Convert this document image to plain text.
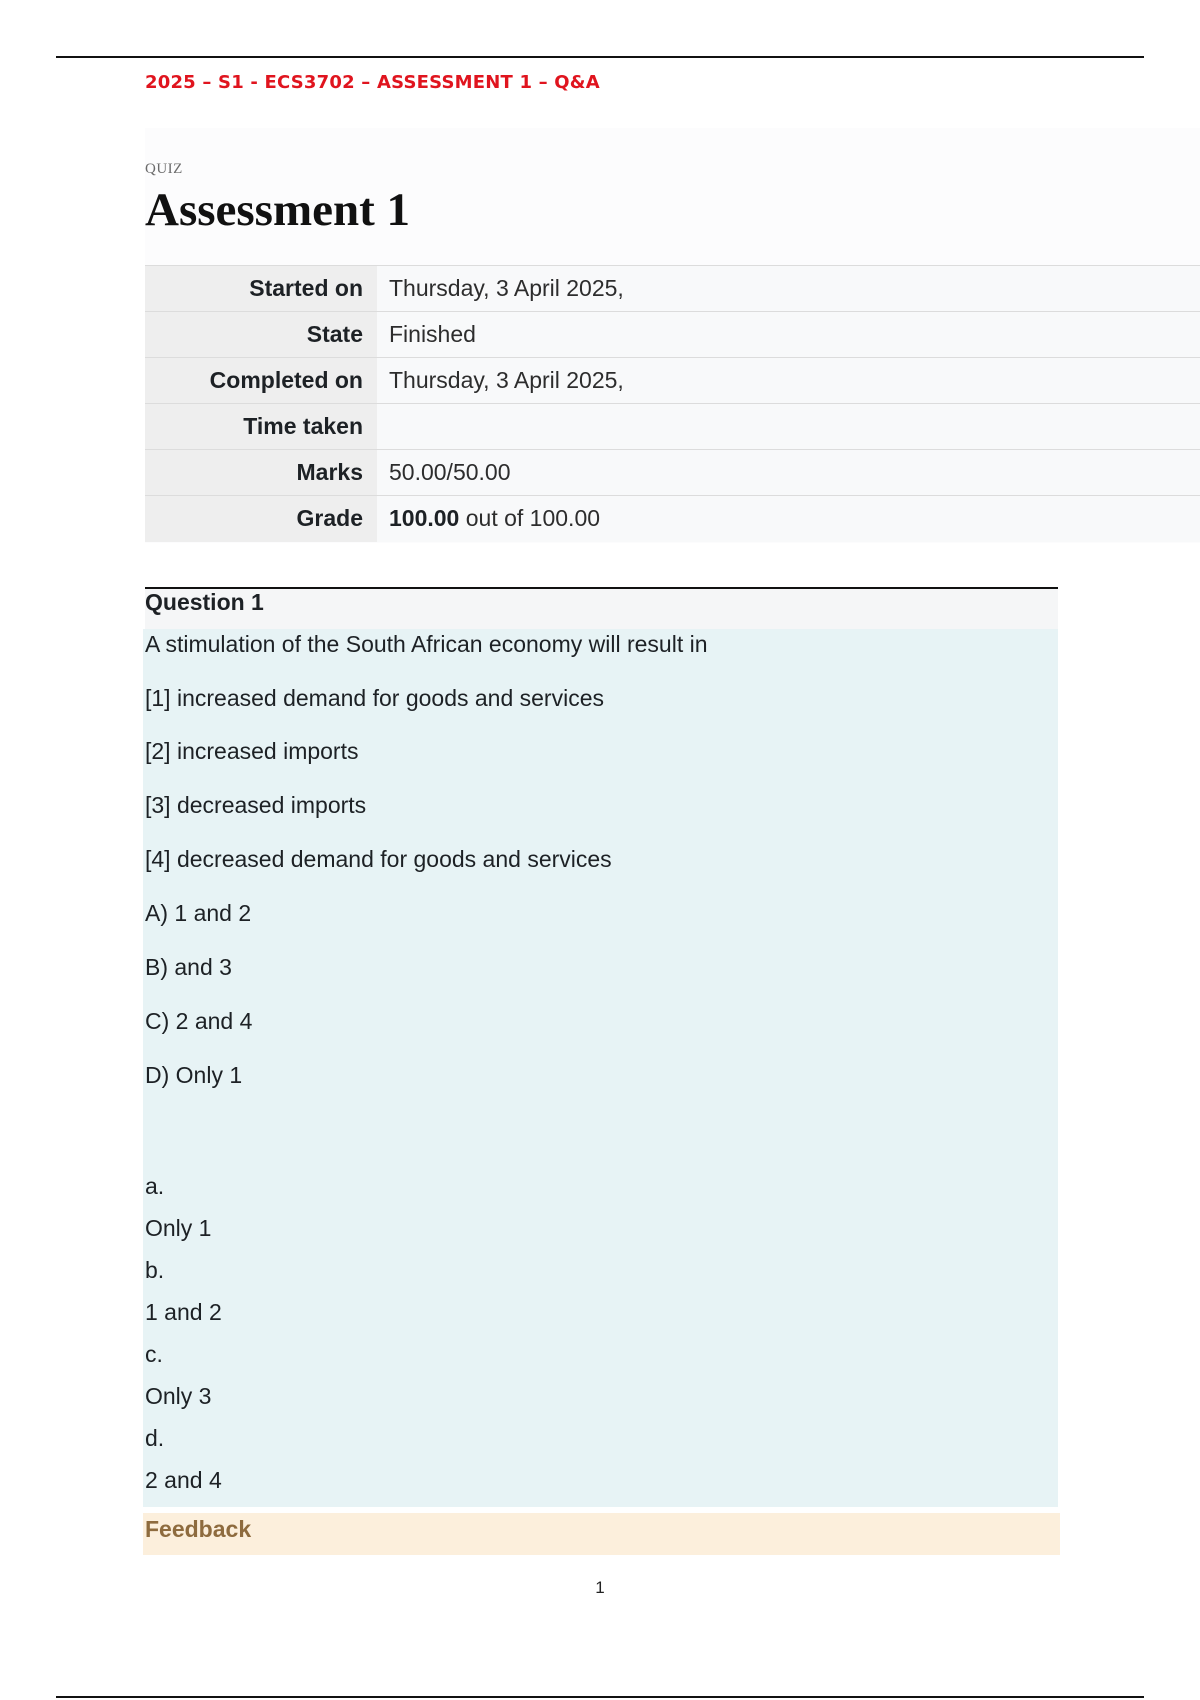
2025 – S1 - ECS3702 – ASSESSMENT 1 – Q&A
QUIZ
Assessment 1
Started on	Thursday, 3 April 2025,
State	Finished
Completed on	Thursday, 3 April 2025,
Time taken	
Marks	50.00/50.00
Grade	100.00 out of 100.00
Question 1
A stimulation of the South African economy will result in
[1] increased demand for goods and services
[2] increased imports
[3] decreased imports
[4] decreased demand for goods and services
A) 1 and 2
B) and 3
C) 2 and 4
D) Only 1
a.
Only 1
b.
1 and 2
c.
Only 3
d.
2 and 4
Feedback
1
